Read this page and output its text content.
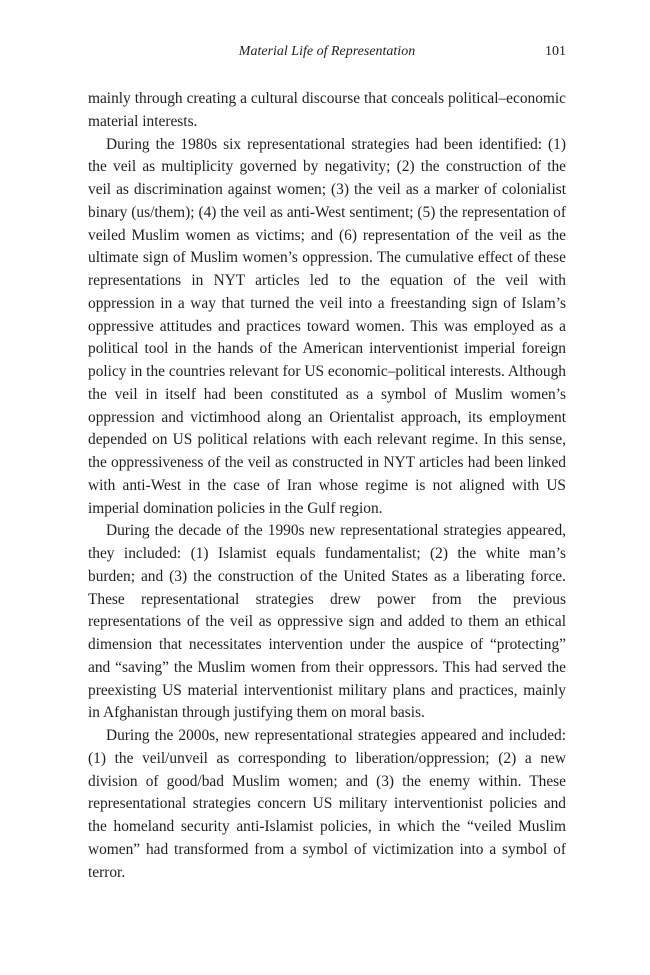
Material Life of Representation	101

mainly through creating a cultural discourse that conceals political–economic material interests.

During the 1980s six representational strategies had been identified: (1) the veil as multiplicity governed by negativity; (2) the construction of the veil as discrimination against women; (3) the veil as a marker of colonialist binary (us/them); (4) the veil as anti-West sentiment; (5) the representation of veiled Muslim women as victims; and (6) representation of the veil as the ultimate sign of Muslim women’s oppression. The cumulative effect of these representations in NYT articles led to the equation of the veil with oppression in a way that turned the veil into a freestanding sign of Islam’s oppressive attitudes and practices toward women. This was employed as a political tool in the hands of the American interventionist imperial foreign policy in the countries relevant for US economic–political interests. Although the veil in itself had been constituted as a symbol of Muslim women’s oppression and victimhood along an Orientalist approach, its employment depended on US political relations with each relevant regime. In this sense, the oppressiveness of the veil as constructed in NYT articles had been linked with anti-West in the case of Iran whose regime is not aligned with US imperial domination policies in the Gulf region.

During the decade of the 1990s new representational strategies appeared, they included: (1) Islamist equals fundamentalist; (2) the white man’s burden; and (3) the construction of the United States as a liberating force. These representational strategies drew power from the previous representations of the veil as oppressive sign and added to them an ethical dimension that necessitates intervention under the auspice of “protecting” and “saving” the Muslim women from their oppressors. This had served the preexisting US material interventionist military plans and practices, mainly in Afghanistan through justifying them on moral basis.

During the 2000s, new representational strategies appeared and included: (1) the veil/unveil as corresponding to liberation/oppression; (2) a new division of good/bad Muslim women; and (3) the enemy within. These representational strategies concern US military interventionist policies and the homeland security anti-Islamist policies, in which the “veiled Muslim women” had transformed from a symbol of victimization into a symbol of terror.
